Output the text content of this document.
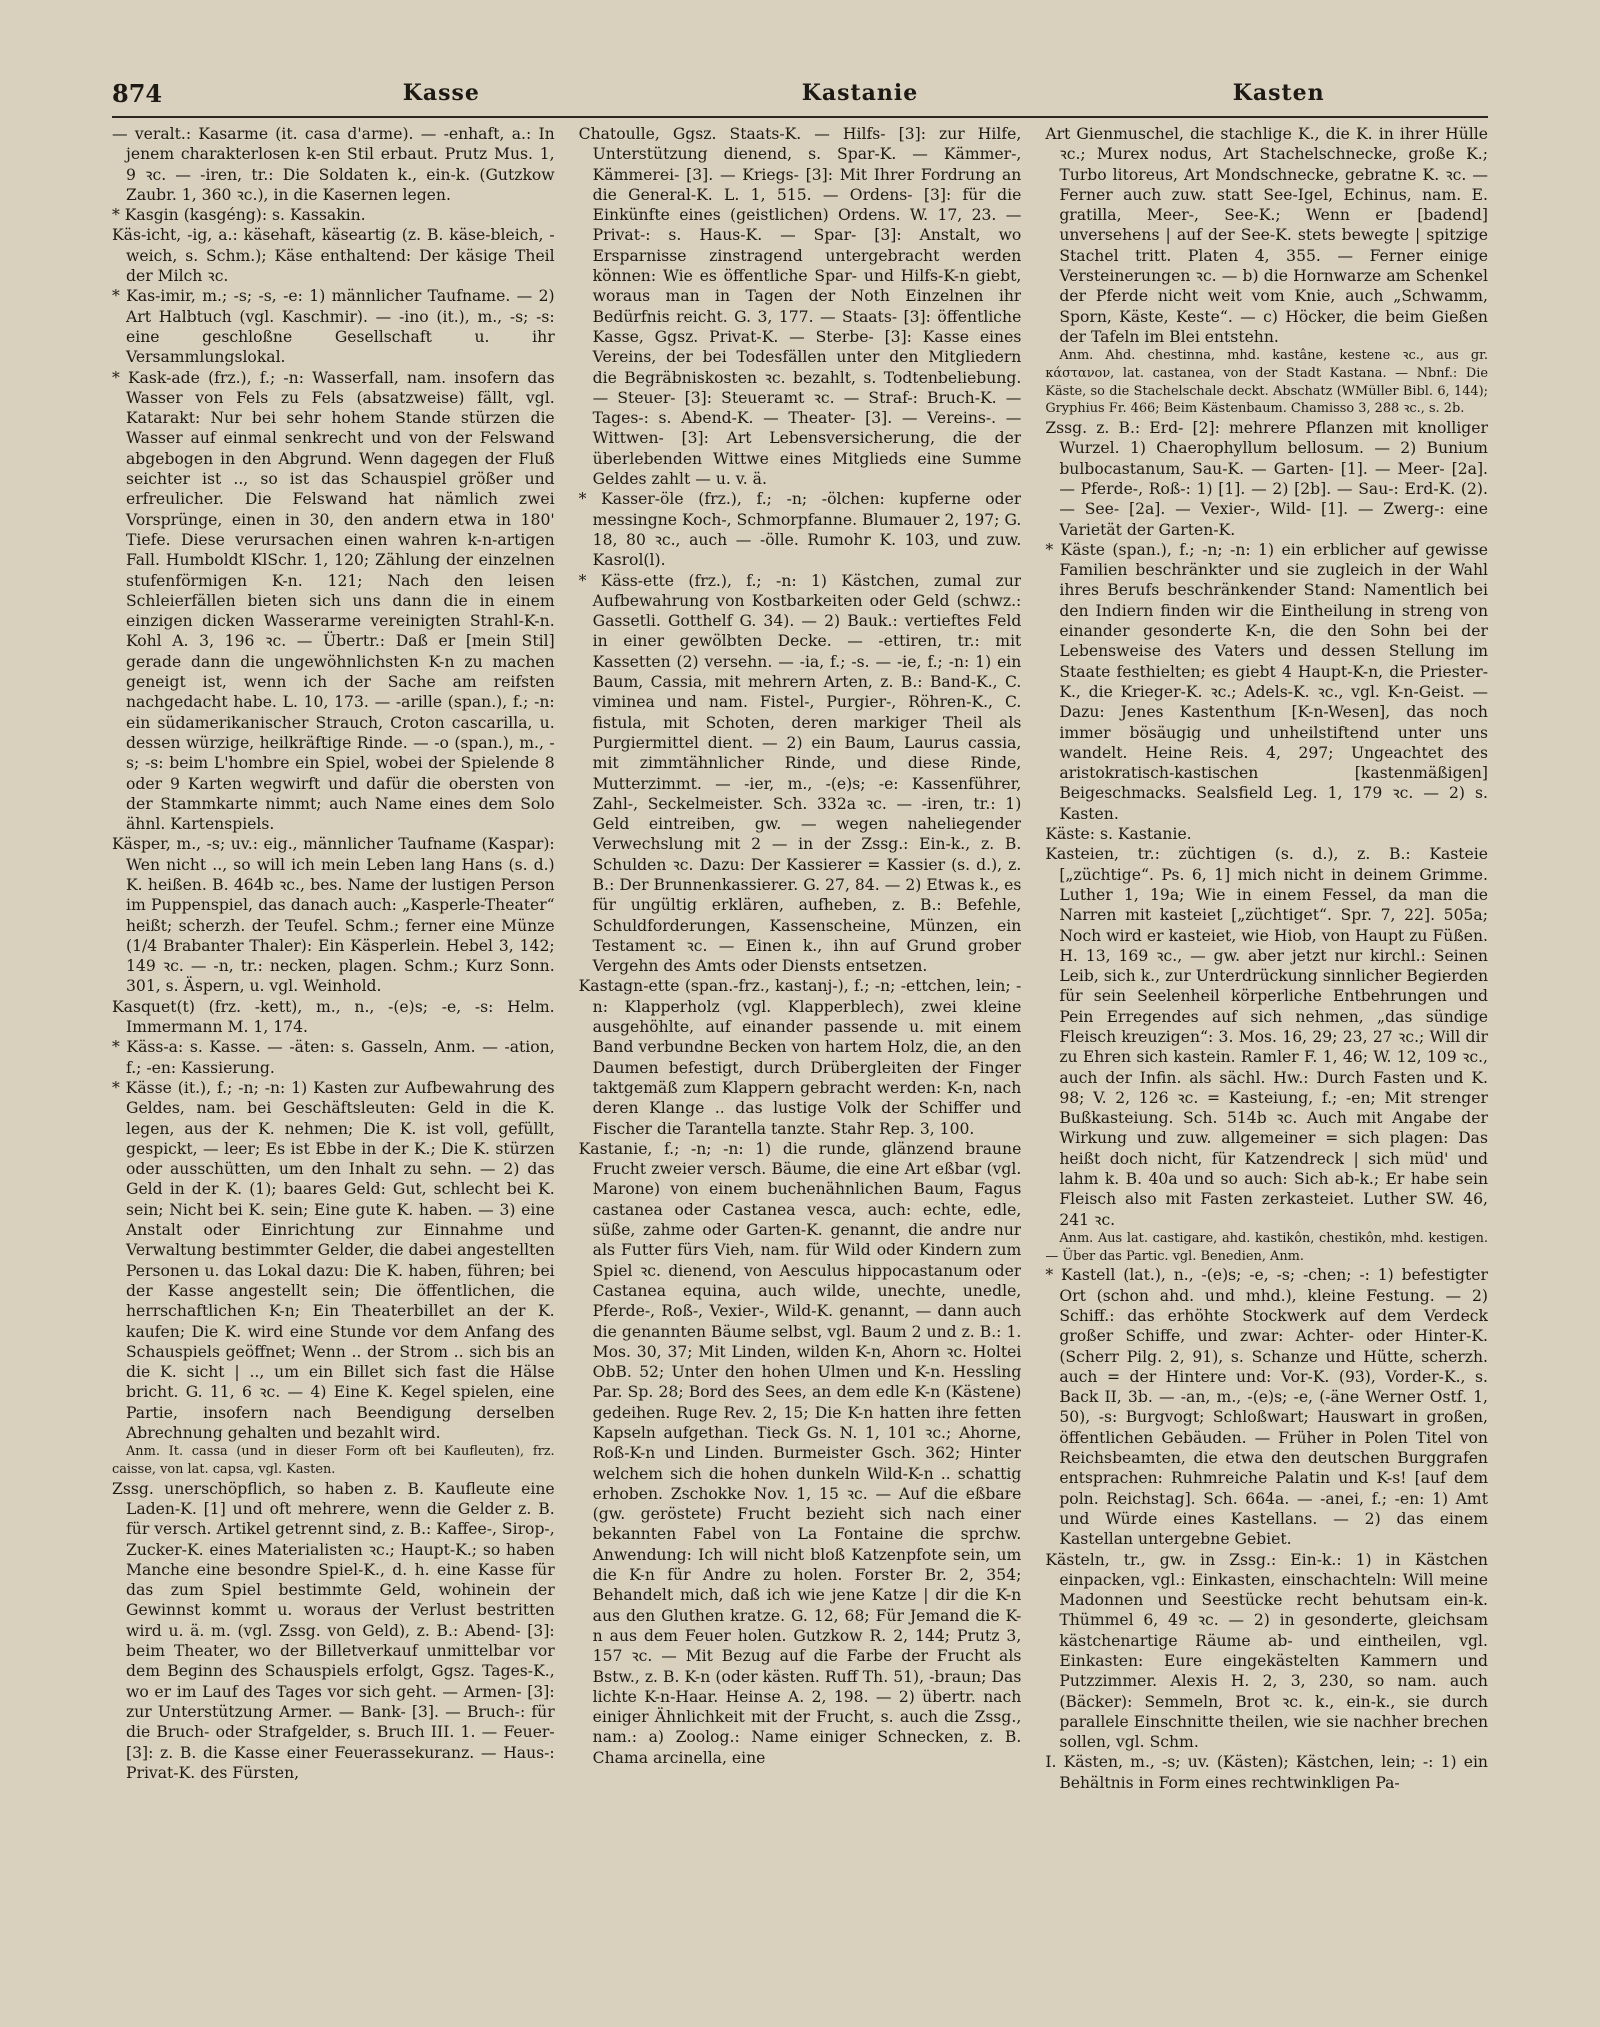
874	Kasse	Kastanie	Kasten

— veralt.: Kasarme (it. casa d'arme). — -enhaft, a.: In jenem charakterlosen k-en Stil erbaut. Prutz Mus. 1, 9 ꝛc. — -iren, tr.: Die Soldaten k., ein-k. (Gutzkow Zaubr. 1, 360 ꝛc.), in die Kasernen legen.

* Kasgin (kasgéng): s. Kassakin.

Käs-icht, -ig, a.: käsehaft, käseartig (z. B. käse-bleich, -weich, s. Schm.); Käse enthaltend: Der käsige Theil der Milch ꝛc.

* Kas-imir, m.; -s; -s, -e: 1) männlicher Taufname. — 2) Art Halbtuch (vgl. Kaschmir). — -ino (it.), m., -s; -s: eine geschloßne Gesellschaft u. ihr Versammlungslokal.

* Kask-ade (frz.), f.; -n: Wasserfall, nam. insofern das Wasser von Fels zu Fels (absatzweise) fällt, vgl. Katarakt: Nur bei sehr hohem Stande stürzen die Wasser auf einmal senkrecht und von der Felswand abgebogen in den Abgrund. Wenn dagegen der Fluß seichter ist .., so ist das Schauspiel größer und erfreulicher. Die Felswand hat nämlich zwei Vorsprünge, einen in 30, den andern etwa in 180' Tiefe. Diese verursachen einen wahren k-n-artigen Fall. Humboldt KlSchr. 1, 120; Zählung der einzelnen stufenförmigen K-n. 121; Nach den leisen Schleierfällen bieten sich uns dann die in einem einzigen dicken Wasserarme vereinigten Strahl-K-n. Kohl A. 3, 196 ꝛc. — Übertr.: Daß er [mein Stil] gerade dann die ungewöhnlichsten K-n zu machen geneigt ist, wenn ich der Sache am reifsten nachgedacht habe. L. 10, 173. — -arille (span.), f.; -n: ein südamerikanischer Strauch, Croton cascarilla, u. dessen würzige, heilkräftige Rinde. — -o (span.), m., -s; -s: beim L'hombre ein Spiel, wobei der Spielende 8 oder 9 Karten wegwirft und dafür die obersten von der Stammkarte nimmt; auch Name eines dem Solo ähnl. Kartenspiels.

Käsper, m., -s; uv.: eig., männlicher Taufname (Kaspar): Wen nicht .., so will ich mein Leben lang Hans (s. d.) K. heißen. B. 464b ꝛc., bes. Name der lustigen Person im Puppenspiel, das danach auch: „Kasperle-Theater“ heißt; scherzh. der Teufel. Schm.; ferner eine Münze (1/4 Brabanter Thaler): Ein Käsperlein. Hebel 3, 142; 149 ꝛc. — -n, tr.: necken, plagen. Schm.; Kurz Sonn. 301, s. Äspern, u. vgl. Weinhold.

Kasquet(t) (frz. -kett), m., n., -(e)s; -e, -s: Helm. Immermann M. 1, 174.

* Käss-a: s. Kasse. — -äten: s. Gasseln, Anm. — -ation, f.; -en: Kassierung.

* Kässe (it.), f.; -n; -n: 1) Kasten zur Aufbewahrung des Geldes, nam. bei Geschäftsleuten: Geld in die K. legen, aus der K. nehmen; Die K. ist voll, gefüllt, gespickt, — leer; Es ist Ebbe in der K.; Die K. stürzen oder ausschütten, um den Inhalt zu sehn. — 2) das Geld in der K. (1); baares Geld: Gut, schlecht bei K. sein; Nicht bei K. sein; Eine gute K. haben. — 3) eine Anstalt oder Einrichtung zur Einnahme und Verwaltung bestimmter Gelder, die dabei angestellten Personen u. das Lokal dazu: Die K. haben, führen; bei der Kasse angestellt sein; Die öffentlichen, die herrschaftlichen K-n; Ein Theaterbillet an der K. kaufen; Die K. wird eine Stunde vor dem Anfang des Schauspiels geöffnet; Wenn .. der Strom .. sich bis an die K. sicht | .., um ein Billet sich fast die Hälse bricht. G. 11, 6 ꝛc. — 4) Eine K. Kegel spielen, eine Partie, insofern nach Beendigung derselben Abrechnung gehalten und bezahlt wird.

Anm. It. cassa (und in dieser Form oft bei Kaufleuten), frz. caisse, von lat. capsa, vgl. Kasten.

Zssg. unerschöpflich, so haben z. B. Kaufleute eine Laden-K. [1] und oft mehrere, wenn die Gelder z. B. für versch. Artikel getrennt sind, z. B.: Kaffee-, Sirop-, Zucker-K. eines Materialisten ꝛc.; Haupt-K.; so haben Manche eine besondre Spiel-K., d. h. eine Kasse für das zum Spiel bestimmte Geld, wohinein der Gewinnst kommt u. woraus der Verlust bestritten wird u. ä. m. (vgl. Zssg. von Geld), z. B.: Abend- [3]: beim Theater, wo der Billetverkauf unmittelbar vor dem Beginn des Schauspiels erfolgt, Ggsz. Tages-K., wo er im Lauf des Tages vor sich geht. — Armen- [3]: zur Unterstützung Armer. — Bank- [3]. — Bruch-: für die Bruch- oder Strafgelder, s. Bruch III. 1. — Feuer- [3]: z. B. die Kasse einer Feuerassekuranz. — Haus-: Privat-K. des Fürsten,

Chatoulle, Ggsz. Staats-K. — Hilfs- [3]: zur Hilfe, Unterstützung dienend, s. Spar-K. — Kämmer-, Kämmerei- [3]. — Kriegs- [3]: Mit Ihrer Fordrung an die General-K. L. 1, 515. — Ordens- [3]: für die Einkünfte eines (geistlichen) Ordens. W. 17, 23. — Privat-: s. Haus-K. — Spar- [3]: Anstalt, wo Ersparnisse zinstragend untergebracht werden können: Wie es öffentliche Spar- und Hilfs-K-n giebt, woraus man in Tagen der Noth Einzelnen ihr Bedürfnis reicht. G. 3, 177. — Staats- [3]: öffentliche Kasse, Ggsz. Privat-K. — Sterbe- [3]: Kasse eines Vereins, der bei Todesfällen unter den Mitgliedern die Begräbniskosten ꝛc. bezahlt, s. Todtenbeliebung. — Steuer- [3]: Steueramt ꝛc. — Straf-: Bruch-K. — Tages-: s. Abend-K. — Theater- [3]. — Vereins-. — Wittwen- [3]: Art Lebensversicherung, die der überlebenden Wittwe eines Mitglieds eine Summe Geldes zahlt — u. v. ä.

* Kasser-öle (frz.), f.; -n; -ölchen: kupferne oder messingne Koch-, Schmorpfanne. Blumauer 2, 197; G. 18, 80 ꝛc., auch — -ölle. Rumohr K. 103, und zuw. Kasrol(l).

* Käss-ette (frz.), f.; -n: 1) Kästchen, zumal zur Aufbewahrung von Kostbarkeiten oder Geld (schwz.: Gassetli. Gotthelf G. 34). — 2) Bauk.: vertieftes Feld in einer gewölbten Decke. — -ettiren, tr.: mit Kassetten (2) versehn. — -ia, f.; -s. — -ie, f.; -n: 1) ein Baum, Cassia, mit mehrern Arten, z. B.: Band-K., C. viminea und nam. Fistel-, Purgier-, Röhren-K., C. fistula, mit Schoten, deren markiger Theil als Purgiermittel dient. — 2) ein Baum, Laurus cassia, mit zimmtähnlicher Rinde, und diese Rinde, Mutterzimmt. — -ier, m., -(e)s; -e: Kassenführer, Zahl-, Seckelmeister. Sch. 332a ꝛc. — -iren, tr.: 1) Geld eintreiben, gw. — wegen naheliegender Verwechslung mit 2 — in der Zssg.: Ein-k., z. B. Schulden ꝛc. Dazu: Der Kassierer = Kassier (s. d.), z. B.: Der Brunnenkassierer. G. 27, 84. — 2) Etwas k., es für ungültig erklären, aufheben, z. B.: Befehle, Schuldforderungen, Kassenscheine, Münzen, ein Testament ꝛc. — Einen k., ihn auf Grund grober Vergehn des Amts oder Diensts entsetzen.

Kastagn-ette (span.-frz., kastanj-), f.; -n; -ettchen, lein; -n: Klapperholz (vgl. Klapperblech), zwei kleine ausgehöhlte, auf einander passende u. mit einem Band verbundne Becken von hartem Holz, die, an den Daumen befestigt, durch Drübergleiten der Finger taktgemäß zum Klappern gebracht werden: K-n, nach deren Klange .. das lustige Volk der Schiffer und Fischer die Tarantella tanzte. Stahr Rep. 3, 100.

Kastanie, f.; -n; -n: 1) die runde, glänzend braune Frucht zweier versch. Bäume, die eine Art eßbar (vgl. Marone) von einem buchenähnlichen Baum, Fagus castanea oder Castanea vesca, auch: echte, edle, süße, zahme oder Garten-K. genannt, die andre nur als Futter fürs Vieh, nam. für Wild oder Kindern zum Spiel ꝛc. dienend, von Aesculus hippocastanum oder Castanea equina, auch wilde, unechte, unedle, Pferde-, Roß-, Vexier-, Wild-K. genannt, — dann auch die genannten Bäume selbst, vgl. Baum 2 und z. B.: 1. Mos. 30, 37; Mit Linden, wilden K-n, Ahorn ꝛc. Holtei ObB. 52; Unter den hohen Ulmen und K-n. Hessling Par. Sp. 28; Bord des Sees, an dem edle K-n (Kästene) gedeihen. Ruge Rev. 2, 15; Die K-n hatten ihre fetten Kapseln aufgethan. Tieck Gs. N. 1, 101 ꝛc.; Ahorne, Roß-K-n und Linden. Burmeister Gsch. 362; Hinter welchem sich die hohen dunkeln Wild-K-n .. schattig erhoben. Zschokke Nov. 1, 15 ꝛc. — Auf die eßbare (gw. geröstete) Frucht bezieht sich nach einer bekannten Fabel von La Fontaine die sprchw. Anwendung: Ich will nicht bloß Katzenpfote sein, um die K-n für Andre zu holen. Forster Br. 2, 354; Behandelt mich, daß ich wie jene Katze | dir die K-n aus den Gluthen kratze. G. 12, 68; Für Jemand die K-n aus dem Feuer holen. Gutzkow R. 2, 144; Prutz 3, 157 ꝛc. — Mit Bezug auf die Farbe der Frucht als Bstw., z. B. K-n (oder kästen. Ruff Th. 51), -braun; Das lichte K-n-Haar. Heinse A. 2, 198. — 2) übertr. nach einiger Ähnlichkeit mit der Frucht, s. auch die Zssg., nam.: a) Zoolog.: Name einiger Schnecken, z. B. Chama arcinella, eine

Art Gienmuschel, die stachlige K., die K. in ihrer Hülle ꝛc.; Murex nodus, Art Stachelschnecke, große K.; Turbo litoreus, Art Mondschnecke, gebratne K. ꝛc. — Ferner auch zuw. statt See-Igel, Echinus, nam. E. gratilla, Meer-, See-K.; Wenn er [badend] unversehens | auf der See-K. stets bewegte | spitzige Stachel tritt. Platen 4, 355. — Ferner einige Versteinerungen ꝛc. — b) die Hornwarze am Schenkel der Pferde nicht weit vom Knie, auch „Schwamm, Sporn, Käste, Keste“. — c) Höcker, die beim Gießen der Tafeln im Blei entstehn.

Anm. Ahd. chestinna, mhd. kastâne, kestene ꝛc., aus gr. κάστανον, lat. castanea, von der Stadt Kastana. — Nbnf.: Die Käste, so die Stachelschale deckt. Abschatz (WMüller Bibl. 6, 144); Gryphius Fr. 466; Beim Kästenbaum. Chamisso 3, 288 ꝛc., s. 2b.

Zssg. z. B.: Erd- [2]: mehrere Pflanzen mit knolliger Wurzel. 1) Chaerophyllum bellosum. — 2) Bunium bulbocastanum, Sau-K. — Garten- [1]. — Meer- [2a]. — Pferde-, Roß-: 1) [1]. — 2) [2b]. — Sau-: Erd-K. (2). — See- [2a]. — Vexier-, Wild- [1]. — Zwerg-: eine Varietät der Garten-K.

* Käste (span.), f.; -n; -n: 1) ein erblicher auf gewisse Familien beschränkter und sie zugleich in der Wahl ihres Berufs beschränkender Stand: Namentlich bei den Indiern finden wir die Eintheilung in streng von einander gesonderte K-n, die den Sohn bei der Lebensweise des Vaters und dessen Stellung im Staate festhielten; es giebt 4 Haupt-K-n, die Priester-K., die Krieger-K. ꝛc.; Adels-K. ꝛc., vgl. K-n-Geist. — Dazu: Jenes Kastenthum [K-n-Wesen], das noch immer bösäugig und unheilstiftend unter uns wandelt. Heine Reis. 4, 297; Ungeachtet des aristokratisch-kastischen [kastenmäßigen] Beigeschmacks. Sealsfield Leg. 1, 179 ꝛc. — 2) s. Kasten.

Käste: s. Kastanie.

Kasteien, tr.: züchtigen (s. d.), z. B.: Kasteie [„züchtige“. Ps. 6, 1] mich nicht in deinem Grimme. Luther 1, 19a; Wie in einem Fessel, da man die Narren mit kasteiet [„züchtiget“. Spr. 7, 22]. 505a; Noch wird er kasteiet, wie Hiob, von Haupt zu Füßen. H. 13, 169 ꝛc., — gw. aber jetzt nur kirchl.: Seinen Leib, sich k., zur Unterdrückung sinnlicher Begierden für sein Seelenheil körperliche Entbehrungen und Pein Erregendes auf sich nehmen, „das sündige Fleisch kreuzigen“: 3. Mos. 16, 29; 23, 27 ꝛc.; Will dir zu Ehren sich kastein. Ramler F. 1, 46; W. 12, 109 ꝛc., auch der Infin. als sächl. Hw.: Durch Fasten und K. 98; V. 2, 126 ꝛc. = Kasteiung, f.; -en; Mit strenger Bußkasteiung. Sch. 514b ꝛc. Auch mit Angabe der Wirkung und zuw. allgemeiner = sich plagen: Das heißt doch nicht, für Katzendreck | sich müd' und lahm k. B. 40a und so auch: Sich ab-k.; Er habe sein Fleisch also mit Fasten zerkasteiet. Luther SW. 46, 241 ꝛc.

Anm. Aus lat. castigare, ahd. kastikôn, chestikôn, mhd. kestigen. — Über das Partic. vgl. Benedien, Anm.

* Kastell (lat.), n., -(e)s; -e, -s; -chen; -: 1) befestigter Ort (schon ahd. und mhd.), kleine Festung. — 2) Schiff.: das erhöhte Stockwerk auf dem Verdeck großer Schiffe, und zwar: Achter- oder Hinter-K. (Scherr Pilg. 2, 91), s. Schanze und Hütte, scherzh. auch = der Hintere und: Vor-K. (93), Vorder-K., s. Back II, 3b. — -an, m., -(e)s; -e, (-äne Werner Ostf. 1, 50), -s: Burgvogt; Schloßwart; Hauswart in großen, öffentlichen Gebäuden. — Früher in Polen Titel von Reichsbeamten, die etwa den deutschen Burggrafen entsprachen: Ruhmreiche Palatin und K-s! [auf dem poln. Reichstag]. Sch. 664a. — -anei, f.; -en: 1) Amt und Würde eines Kastellans. — 2) das einem Kastellan untergebne Gebiet.

Kästeln, tr., gw. in Zssg.: Ein-k.: 1) in Kästchen einpacken, vgl.: Einkasten, einschachteln: Will meine Madonnen und Seestücke recht behutsam ein-k. Thümmel 6, 49 ꝛc. — 2) in gesonderte, gleichsam kästchenartige Räume ab- und eintheilen, vgl. Einkasten: Eure eingekästelten Kammern und Putzzimmer. Alexis H. 2, 3, 230, so nam. auch (Bäcker): Semmeln, Brot ꝛc. k., ein-k., sie durch parallele Einschnitte theilen, wie sie nachher brechen sollen, vgl. Schm.

I. Kästen, m., -s; uv. (Kästen); Kästchen, lein; -: 1) ein Behältnis in Form eines rechtwinkligen Pa-
